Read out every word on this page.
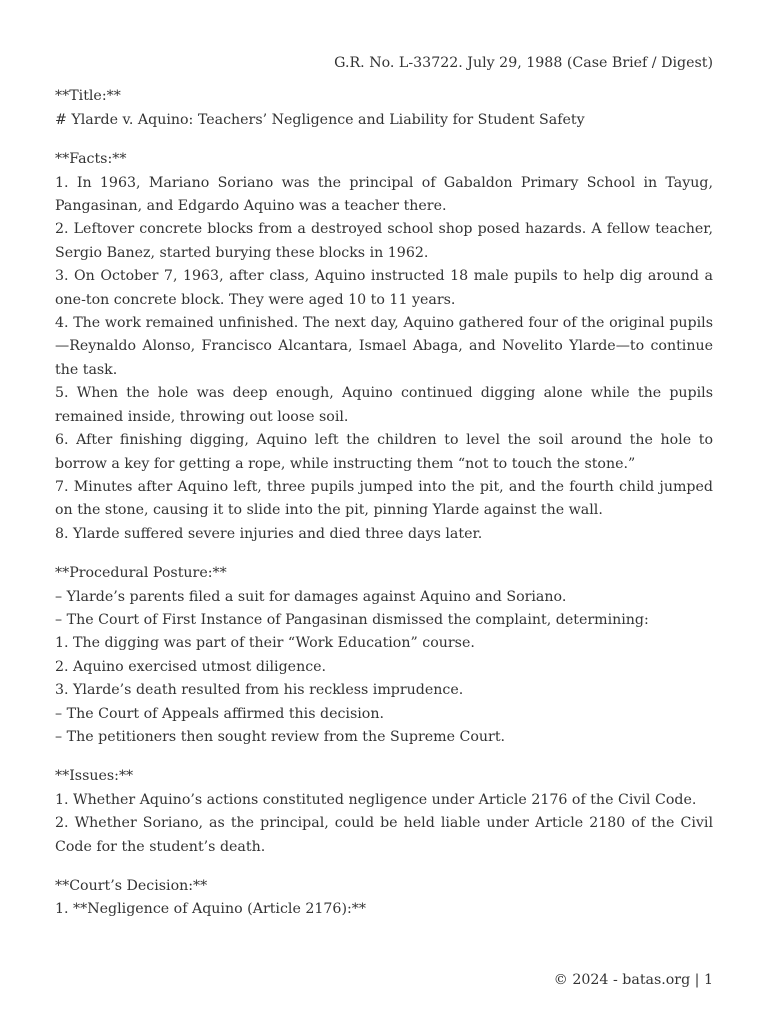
G.R. No. L-33722. July 29, 1988 (Case Brief / Digest)

**Title:**
# Ylarde v. Aquino: Teachers’ Negligence and Liability for Student Safety
**Facts:**
1. In 1963, Mariano Soriano was the principal of Gabaldon Primary School in Tayug, Pangasinan, and Edgardo Aquino was a teacher there.
2. Leftover concrete blocks from a destroyed school shop posed hazards. A fellow teacher, Sergio Banez, started burying these blocks in 1962.
3. On October 7, 1963, after class, Aquino instructed 18 male pupils to help dig around a one-ton concrete block. They were aged 10 to 11 years.
4. The work remained unfinished. The next day, Aquino gathered four of the original pupils—Reynaldo Alonso, Francisco Alcantara, Ismael Abaga, and Novelito Ylarde—to continue the task.
5. When the hole was deep enough, Aquino continued digging alone while the pupils remained inside, throwing out loose soil.
6. After finishing digging, Aquino left the children to level the soil around the hole to borrow a key for getting a rope, while instructing them “not to touch the stone.”
7. Minutes after Aquino left, three pupils jumped into the pit, and the fourth child jumped on the stone, causing it to slide into the pit, pinning Ylarde against the wall.
8. Ylarde suffered severe injuries and died three days later.
**Procedural Posture:**
– Ylarde’s parents filed a suit for damages against Aquino and Soriano.
– The Court of First Instance of Pangasinan dismissed the complaint, determining:
1. The digging was part of their “Work Education” course.
2. Aquino exercised utmost diligence.
3. Ylarde’s death resulted from his reckless imprudence.
– The Court of Appeals affirmed this decision.
– The petitioners then sought review from the Supreme Court.
**Issues:**
1. Whether Aquino’s actions constituted negligence under Article 2176 of the Civil Code.
2. Whether Soriano, as the principal, could be held liable under Article 2180 of the Civil Code for the student’s death.
**Court’s Decision:**
1. **Negligence of Aquino (Article 2176):**
© 2024 - batas.org | 1
